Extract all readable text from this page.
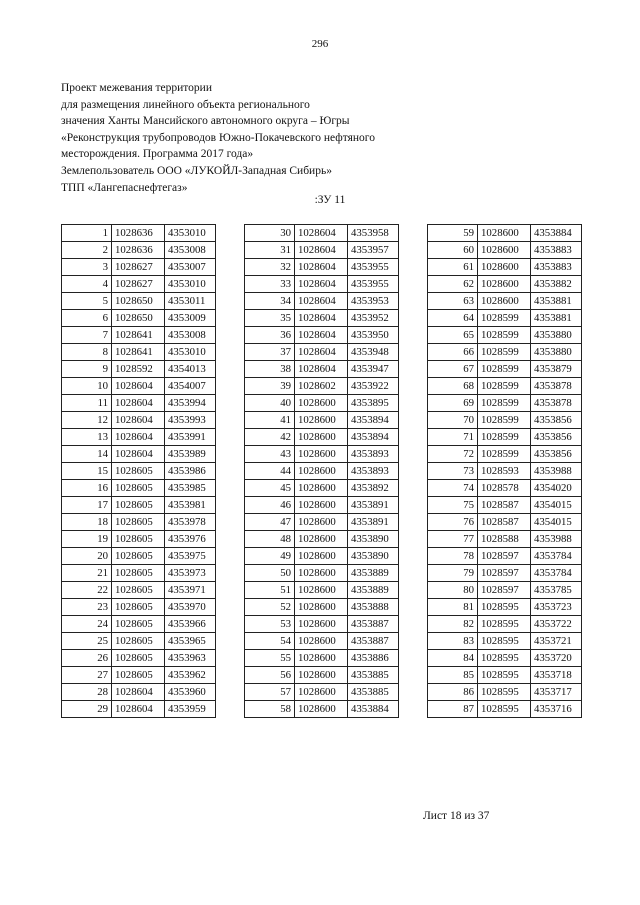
296
Проект межевания территории
для размещения линейного объекта регионального
значения Ханты Мансийского автономного округа – Югры
«Реконструкция трубопроводов Южно-Покачевского нефтяного
месторождения. Программа 2017 года»
Землепользователь ООО «ЛУКОЙЛ-Западная Сибирь»
ТПП «Лангепаснефтегаз»
:ЗУ 11
1	1028636	4353010
2	1028636	4353008
3	1028627	4353007
4	1028627	4353010
5	1028650	4353011
6	1028650	4353009
7	1028641	4353008
8	1028641	4353010
9	1028592	4354013
10	1028604	4354007
11	1028604	4353994
12	1028604	4353993
13	1028604	4353991
14	1028604	4353989
15	1028605	4353986
16	1028605	4353985
17	1028605	4353981
18	1028605	4353978
19	1028605	4353976
20	1028605	4353975
21	1028605	4353973
22	1028605	4353971
23	1028605	4353970
24	1028605	4353966
25	1028605	4353965
26	1028605	4353963
27	1028605	4353962
28	1028604	4353960
29	1028604	4353959
30	1028604	4353958
31	1028604	4353957
32	1028604	4353955
33	1028604	4353955
34	1028604	4353953
35	1028604	4353952
36	1028604	4353950
37	1028604	4353948
38	1028604	4353947
39	1028602	4353922
40	1028600	4353895
41	1028600	4353894
42	1028600	4353894
43	1028600	4353893
44	1028600	4353893
45	1028600	4353892
46	1028600	4353891
47	1028600	4353891
48	1028600	4353890
49	1028600	4353890
50	1028600	4353889
51	1028600	4353889
52	1028600	4353888
53	1028600	4353887
54	1028600	4353887
55	1028600	4353886
56	1028600	4353885
57	1028600	4353885
58	1028600	4353884
59	1028600	4353884
60	1028600	4353883
61	1028600	4353883
62	1028600	4353882
63	1028600	4353881
64	1028599	4353881
65	1028599	4353880
66	1028599	4353880
67	1028599	4353879
68	1028599	4353878
69	1028599	4353878
70	1028599	4353856
71	1028599	4353856
72	1028599	4353856
73	1028593	4353988
74	1028578	4354020
75	1028587	4354015
76	1028587	4354015
77	1028588	4353988
78	1028597	4353784
79	1028597	4353784
80	1028597	4353785
81	1028595	4353723
82	1028595	4353722
83	1028595	4353721
84	1028595	4353720
85	1028595	4353718
86	1028595	4353717
87	1028595	4353716
Лист 18 из 37
